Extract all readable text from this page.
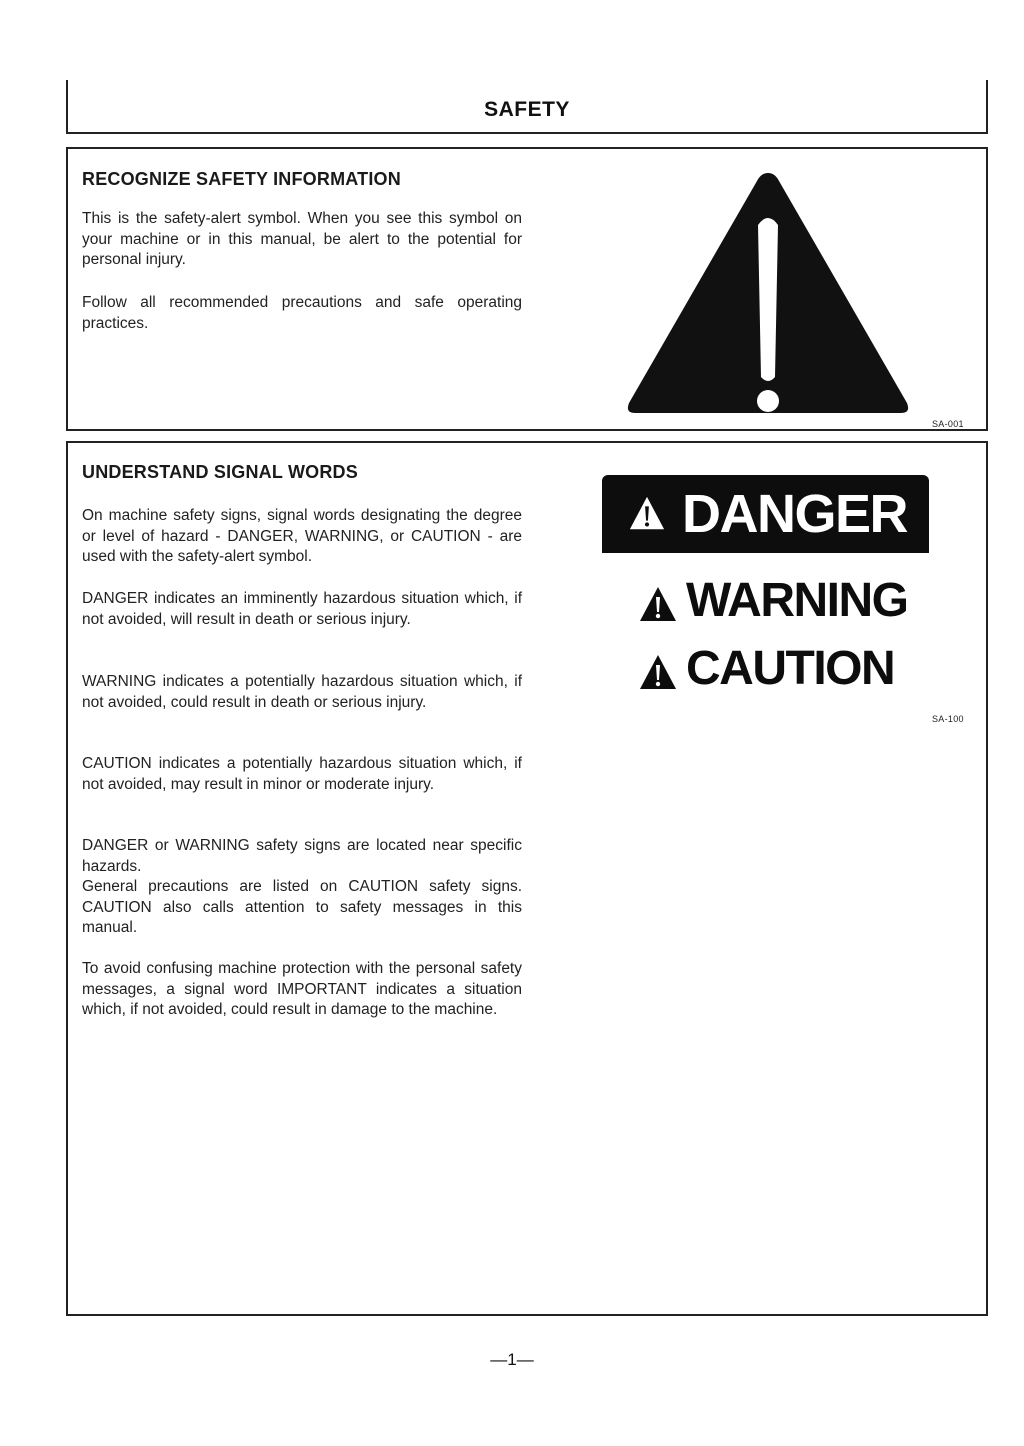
SAFETY
RECOGNIZE SAFETY INFORMATION

This is the safety-alert symbol. When you see this symbol on your machine or in this manual, be alert to the potential for personal injury.

Follow all recommended precautions and safe operating practices.

SA-001
UNDERSTAND SIGNAL WORDS

On machine safety signs, signal words designating the degree or level of hazard - DANGER, WARNING, or CAUTION - are used with the safety-alert symbol.

DANGER indicates an imminently hazardous situation which, if not avoided, will result in death or serious injury.

WARNING indicates a potentially hazardous situation which, if not avoided, could result in death or serious injury.

CAUTION indicates a potentially hazardous situation which, if not avoided, may result in minor or moderate injury.

DANGER or WARNING safety signs are located near specific hazards.

General precautions are listed on CAUTION safety signs. CAUTION also calls attention to safety messages in this manual.

To avoid confusing machine protection with the personal safety messages, a signal word IMPORTANT indicates a situation which, if not avoided, could result in damage to the machine.

DANGER
WARNING
CAUTION
SA-100
—1—
